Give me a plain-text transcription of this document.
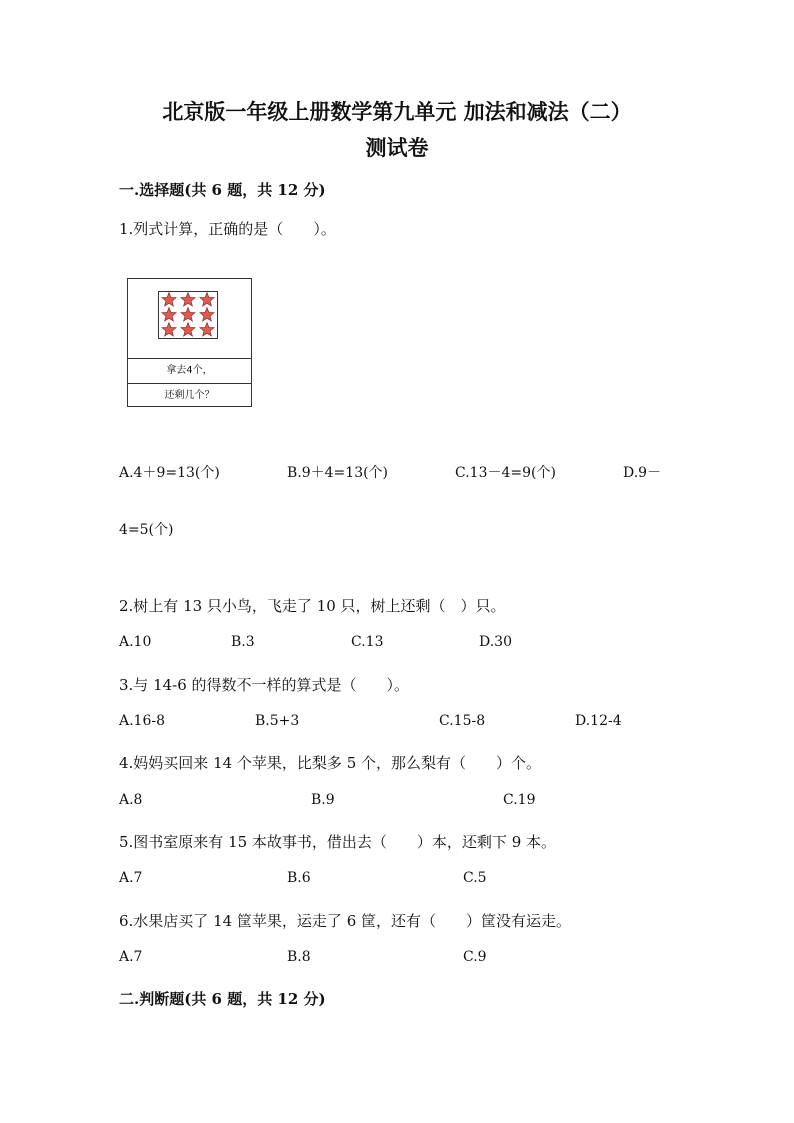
北京版一年级上册数学第九单元 加法和减法（二）
测试卷
一.选择题(共 6 题，共 12 分)
1.列式计算，正确的是（　　）。
拿去4个，
还剩几个？
A.4＋9=13(个)	B.9＋4=13(个)	C.13－4=9(个)	D.9－
4=5(个)
2.树上有 13 只小鸟，飞走了 10 只，树上还剩（　）只。
A.10	B.3	C.13	D.30
3.与 14-6 的得数不一样的算式是（　　）。
A.16-8	B.5+3	C.15-8	D.12-4
4.妈妈买回来 14 个苹果，比梨多 5 个，那么梨有（　　）个。
A.8	B.9	C.19
5.图书室原来有 15 本故事书，借出去（　　）本，还剩下 9 本。
A.7	B.6	C.5
6.水果店买了 14 筐苹果，运走了 6 筐，还有（　　）筐没有运走。
A.7	B.8	C.9
二.判断题(共 6 题，共 12 分)
